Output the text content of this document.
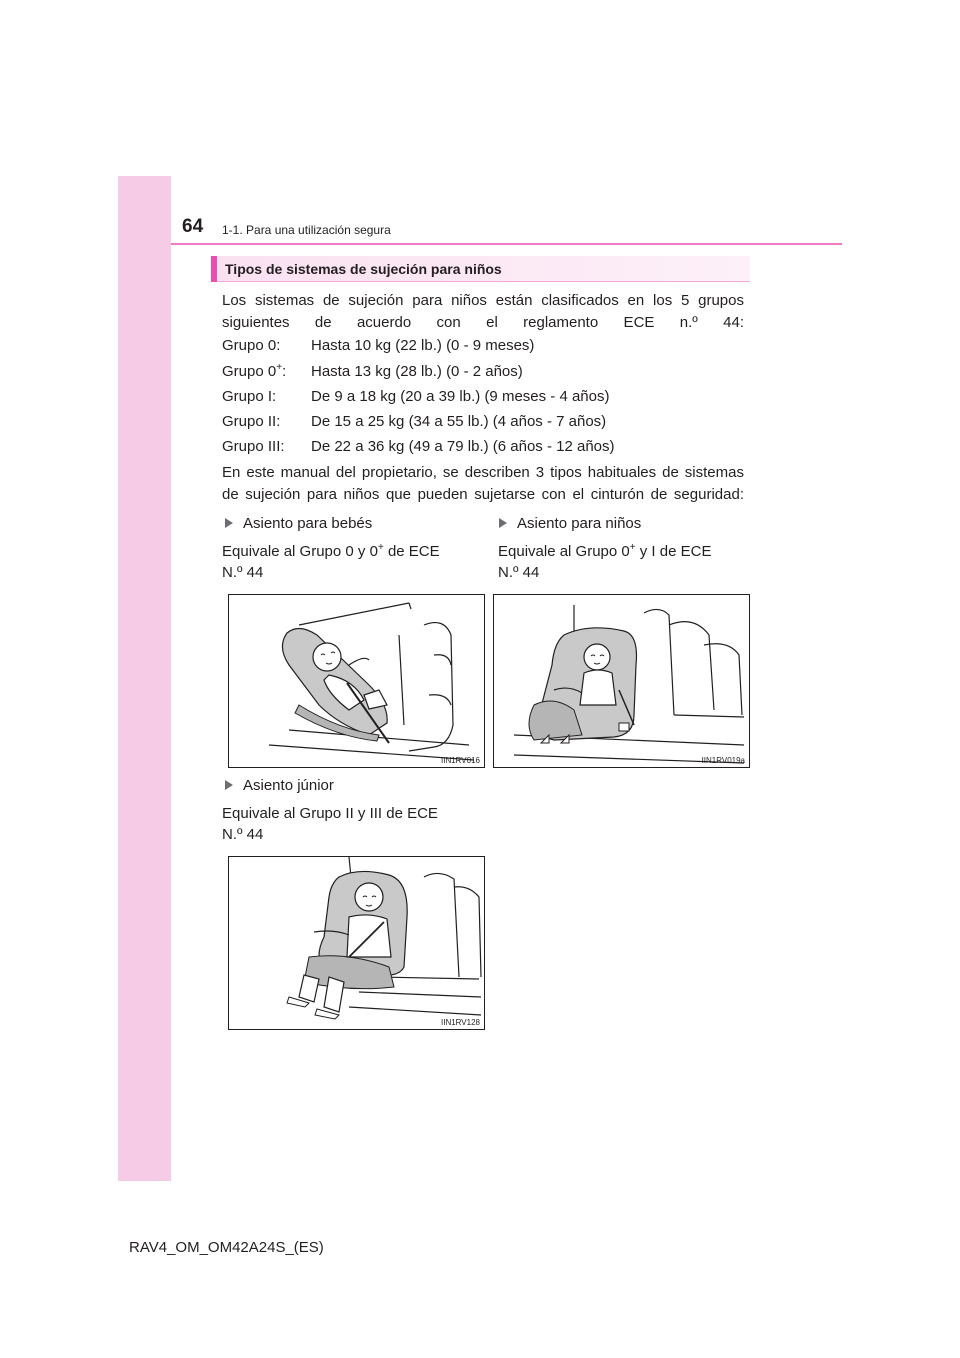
64 1-1. Para una utilización segura
Tipos de sistemas de sujeción para niños
Los sistemas de sujeción para niños están clasificados en los 5 grupos siguientes de acuerdo con el reglamento ECE n.º 44:
Grupo 0: Hasta 10 kg (22 lb.) (0 - 9 meses)
Grupo 0+: Hasta 13 kg (28 lb.) (0 - 2 años)
Grupo I: De 9 a 18 kg (20 a 39 lb.) (9 meses - 4 años)
Grupo II: De 15 a 25 kg (34 a 55 lb.) (4 años - 7 años)
Grupo III: De 22 a 36 kg (49 a 79 lb.) (6 años - 12 años)
En este manual del propietario, se describen 3 tipos habituales de sistemas de sujeción para niños que pueden sujetarse con el cinturón de seguridad:
Asiento para bebés
Equivale al Grupo 0 y 0+ de ECE
N.º 44
Asiento para niños
Equivale al Grupo 0+ y I de ECE
N.º 44
IIN1RV016	IIN1RV019a
Asiento júnior
Equivale al Grupo II y III de ECE
N.º 44
IIN1RV128
RAV4_OM_OM42A24S_(ES)
